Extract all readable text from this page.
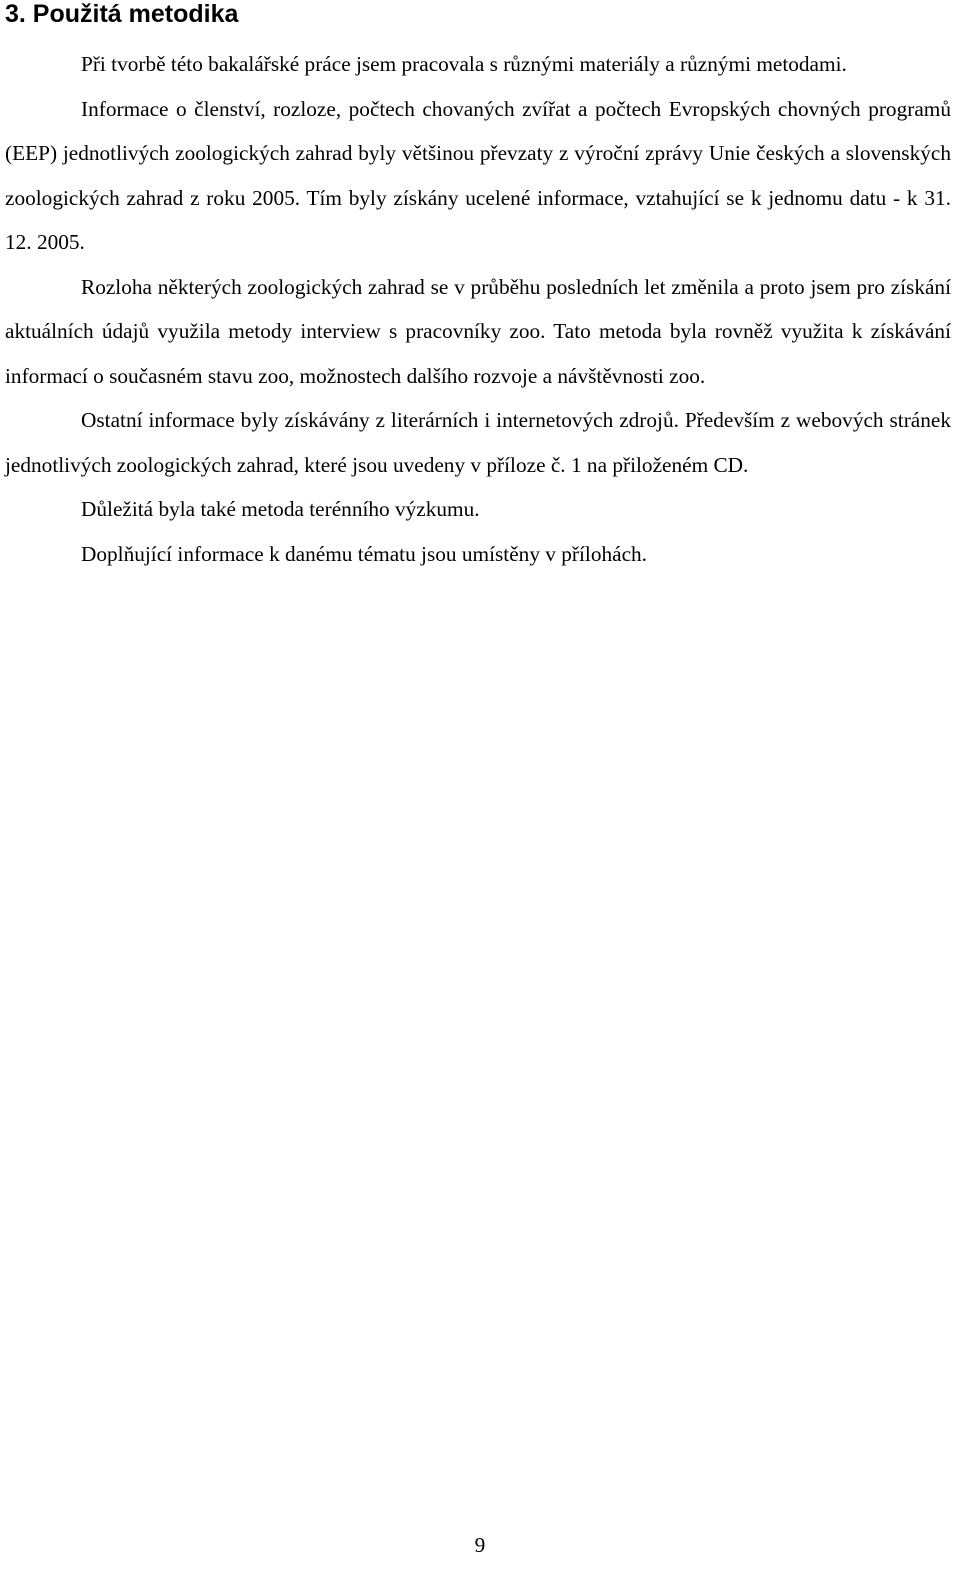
3. Použitá metodika

Při tvorbě této bakalářské práce jsem pracovala s různými materiály a různými metodami.

Informace o členství, rozloze, počtech chovaných zvířat a počtech Evropských chovných programů (EEP) jednotlivých zoologických zahrad byly většinou převzaty z výroční zprávy Unie českých a slovenských zoologických zahrad z roku 2005. Tím byly získány ucelené informace, vztahující se k jednomu datu - k 31. 12. 2005.

Rozloha některých zoologických zahrad se v průběhu posledních let změnila a proto jsem pro získání aktuálních údajů využila metody interview s pracovníky zoo. Tato metoda byla rovněž využita k získávání informací o současném stavu zoo, možnostech dalšího rozvoje a návštěvnosti zoo.

Ostatní informace byly získávány z literárních i internetových zdrojů. Především z webových stránek jednotlivých zoologických zahrad, které jsou uvedeny v příloze č. 1 na přiloženém CD.

Důležitá byla také metoda terénního výzkumu.

Doplňující informace k danému tématu jsou umístěny v přílohách.

9
